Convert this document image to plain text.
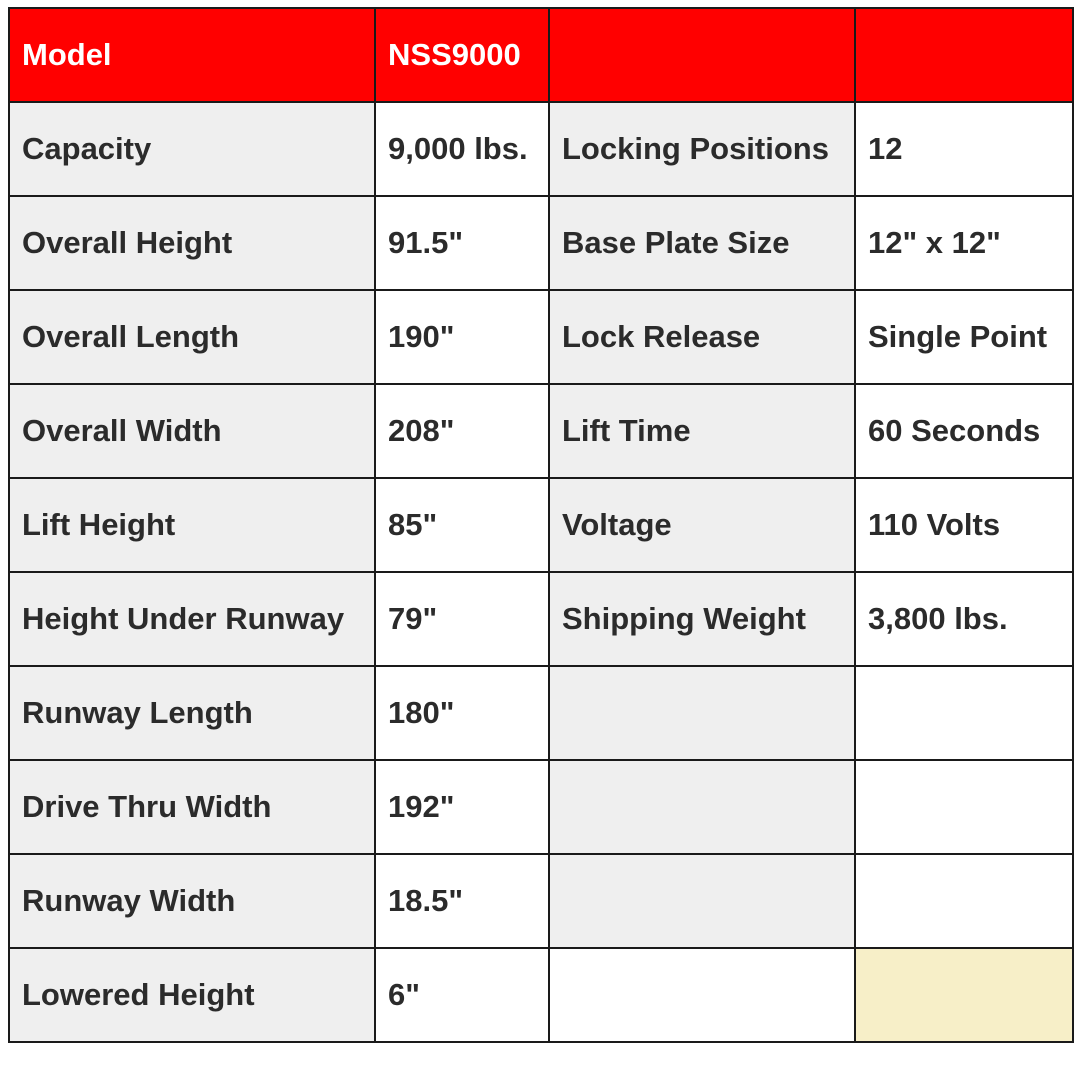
Model	NSS9000		
Capacity	9,000 lbs.	Locking Positions	12
Overall Height	91.5"	Base Plate Size	12" x 12"
Overall Length	190"	Lock Release	Single Point
Overall Width	208"	Lift Time	60 Seconds
Lift Height	85"	Voltage	110 Volts
Height Under Runway	79"	Shipping Weight	3,800 lbs.
Runway Length	180"		
Drive Thru Width	192"		
Runway Width	18.5"		
Lowered Height	6"		
